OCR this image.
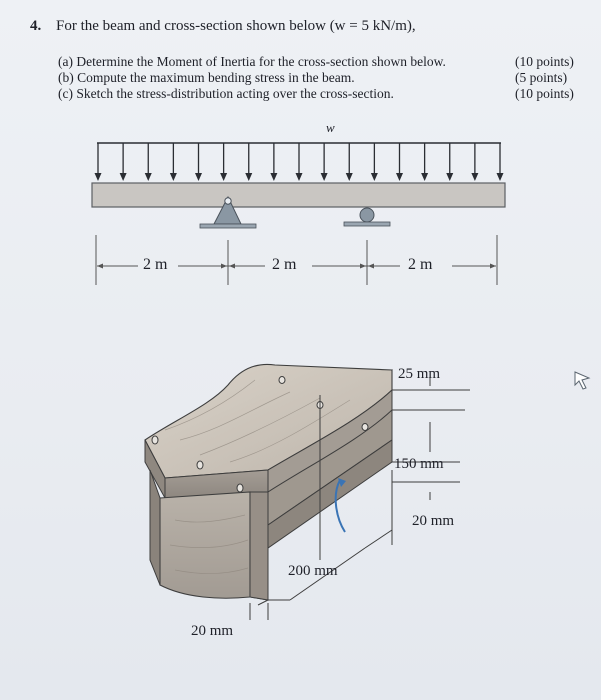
4. For the beam and cross-section shown below (w = 5 kN/m),
(a) Determine the Moment of Inertia for the cross-section shown below.
(b) Compute the maximum bending stress in the beam.
(c) Sketch the stress-distribution acting over the cross-section.
(10 points)
(5 points)
(10 points)
w
2 m	2 m	2 m
25 mm
150 mm
20 mm
200 mm
20 mm
